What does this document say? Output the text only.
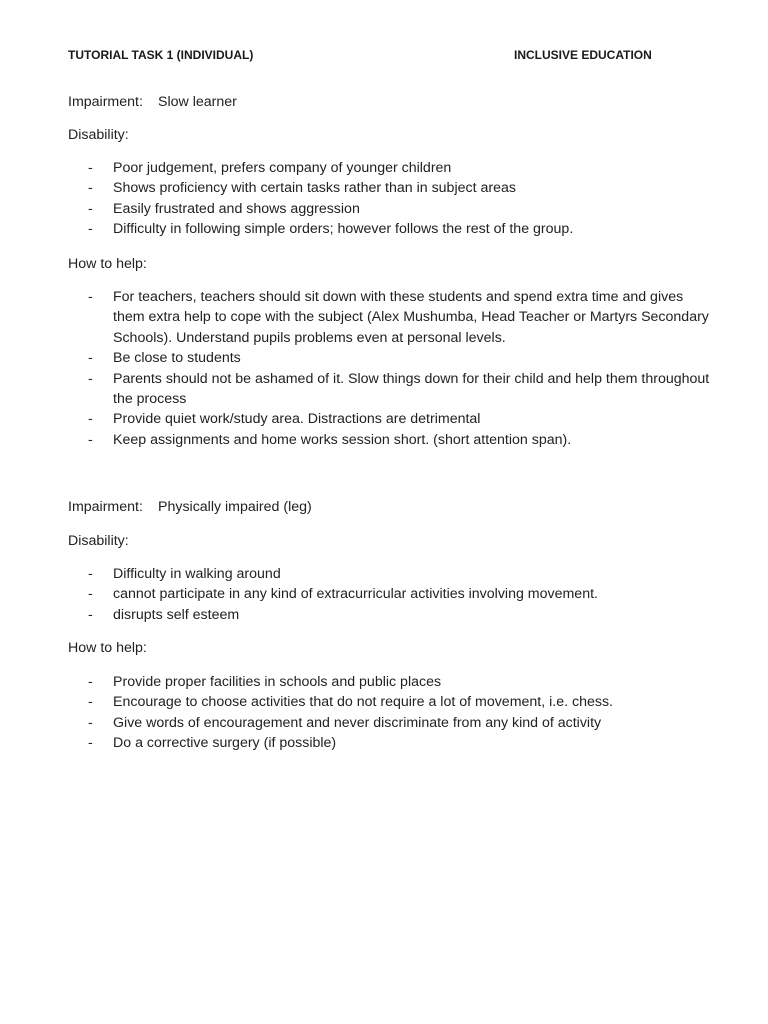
TUTORIAL TASK 1 (INDIVIDUAL)	INCLUSIVE EDUCATION
Impairment: Slow learner
Disability:
- Poor judgement, prefers company of younger children
- Shows proficiency with certain tasks rather than in subject areas
- Easily frustrated and shows aggression
- Difficulty in following simple orders; however follows the rest of the group.
How to help:
- For teachers, teachers should sit down with these students and spend extra time and gives them extra help to cope with the subject (Alex Mushumba, Head Teacher or Martyrs Secondary Schools). Understand pupils problems even at personal levels.
- Be close to students
- Parents should not be ashamed of it. Slow things down for their child and help them throughout the process
- Provide quiet work/study area. Distractions are detrimental
- Keep assignments and home works session short. (short attention span).
Impairment: Physically impaired (leg)
Disability:
- Difficulty in walking around
- cannot participate in any kind of extracurricular activities involving movement.
- disrupts self esteem
How to help:
- Provide proper facilities in schools and public places
- Encourage to choose activities that do not require a lot of movement, i.e. chess.
- Give words of encouragement and never discriminate from any kind of activity
- Do a corrective surgery (if possible)
